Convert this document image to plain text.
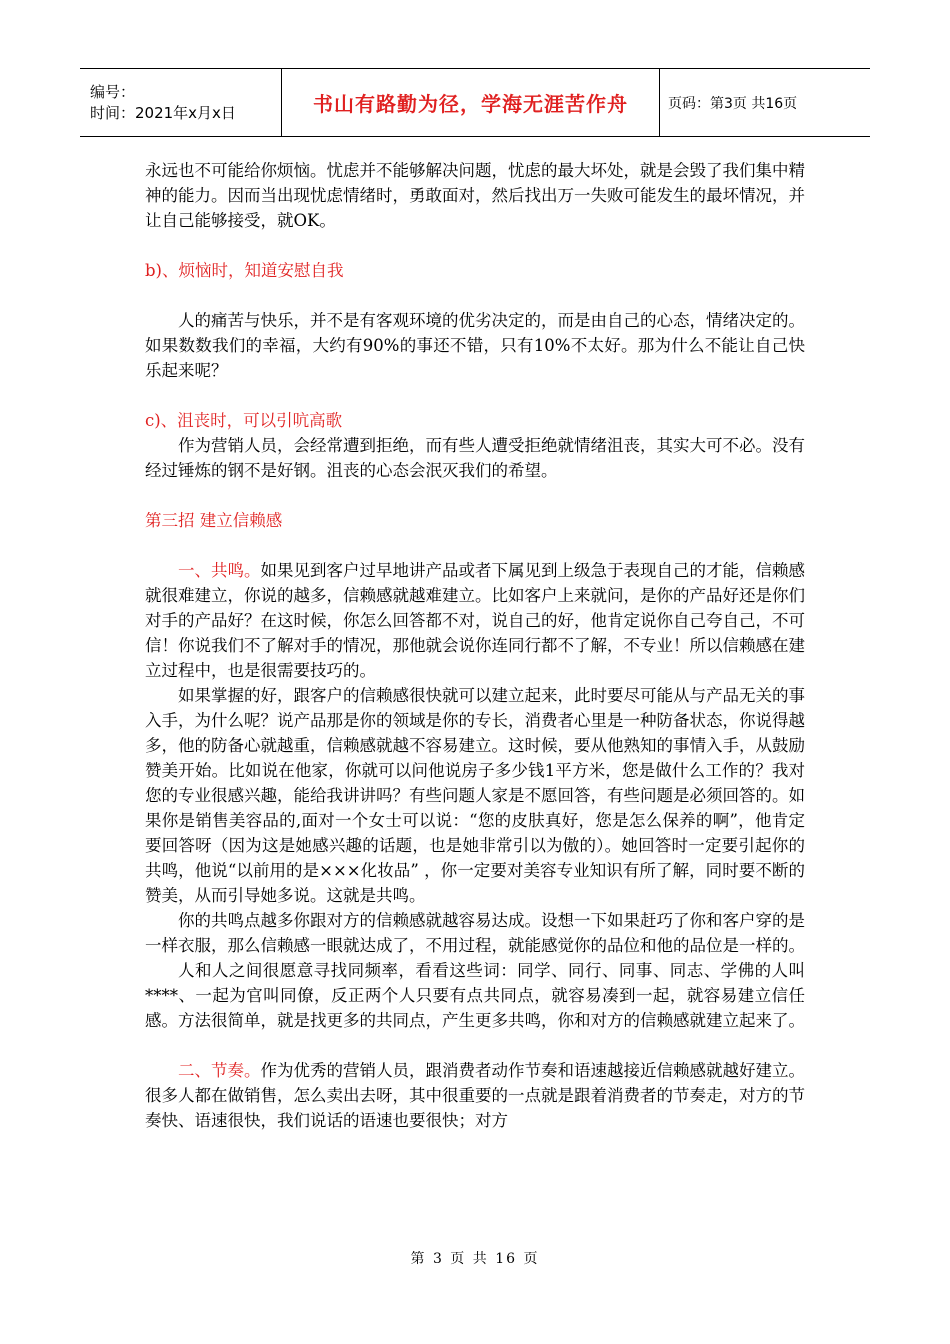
编号：
时间：2021年x月x日	书山有路勤为径，学海无涯苦作舟	页码：第3页 共16页

永远也不可能给你烦恼。忧虑并不能够解决问题，忧虑的最大坏处，就是会毁了我们集中精神的能力。因而当出现忧虑情绪时，勇敢面对，然后找出万一失败可能发生的最坏情况，并让自己能够接受，就OK。

b)、烦恼时，知道安慰自我

人的痛苦与快乐，并不是有客观环境的优劣决定的，而是由自己的心态，情绪决定的。如果数数我们的幸福，大约有90%的事还不错，只有10%不太好。那为什么不能让自己快乐起来呢？

c)、沮丧时，可以引吭高歌

作为营销人员，会经常遭到拒绝，而有些人遭受拒绝就情绪沮丧，其实大可不必。没有经过锤炼的钢不是好钢。沮丧的心态会泯灭我们的希望。

第三招 建立信赖感

一、共鸣。如果见到客户过早地讲产品或者下属见到上级急于表现自己的才能，信赖感就很难建立，你说的越多，信赖感就越难建立。比如客户上来就问，是你的产品好还是你们对手的产品好？在这时候，你怎么回答都不对，说自己的好，他肯定说你自己夸自己，不可信！你说我们不了解对手的情况，那他就会说你连同行都不了解，不专业！所以信赖感在建立过程中，也是很需要技巧的。

如果掌握的好，跟客户的信赖感很快就可以建立起来，此时要尽可能从与产品无关的事入手，为什么呢？说产品那是你的领域是你的专长，消费者心里是一种防备状态，你说得越多，他的防备心就越重，信赖感就越不容易建立。这时候，要从他熟知的事情入手，从鼓励赞美开始。比如说在他家，你就可以问他说房子多少钱1平方米，您是做什么工作的？我对您的专业很感兴趣，能给我讲讲吗？有些问题人家是不愿回答，有些问题是必须回答的。如果你是销售美容品的,面对一个女士可以说：“您的皮肤真好，您是怎么保养的啊”，他肯定要回答呀（因为这是她感兴趣的话题，也是她非常引以为傲的）。她回答时一定要引起你的共鸣，他说“以前用的是×××化妆品” ，你一定要对美容专业知识有所了解，同时要不断的赞美，从而引导她多说。这就是共鸣。

你的共鸣点越多你跟对方的信赖感就越容易达成。设想一下如果赶巧了你和客户穿的是一样衣服，那么信赖感一眼就达成了，不用过程，就能感觉你的品位和他的品位是一样的。

人和人之间很愿意寻找同频率，看看这些词：同学、同行、同事、同志、学佛的人叫****、一起为官叫同僚，反正两个人只要有点共同点，就容易凑到一起，就容易建立信任感。方法很简单，就是找更多的共同点，产生更多共鸣，你和对方的信赖感就建立起来了。

二、节奏。作为优秀的营销人员，跟消费者动作节奏和语速越接近信赖感就越好建立。很多人都在做销售，怎么卖出去呀，其中很重要的一点就是跟着消费者的节奏走，对方的节奏快、语速很快，我们说话的语速也要很快；对方

第 3 页 共 16 页
